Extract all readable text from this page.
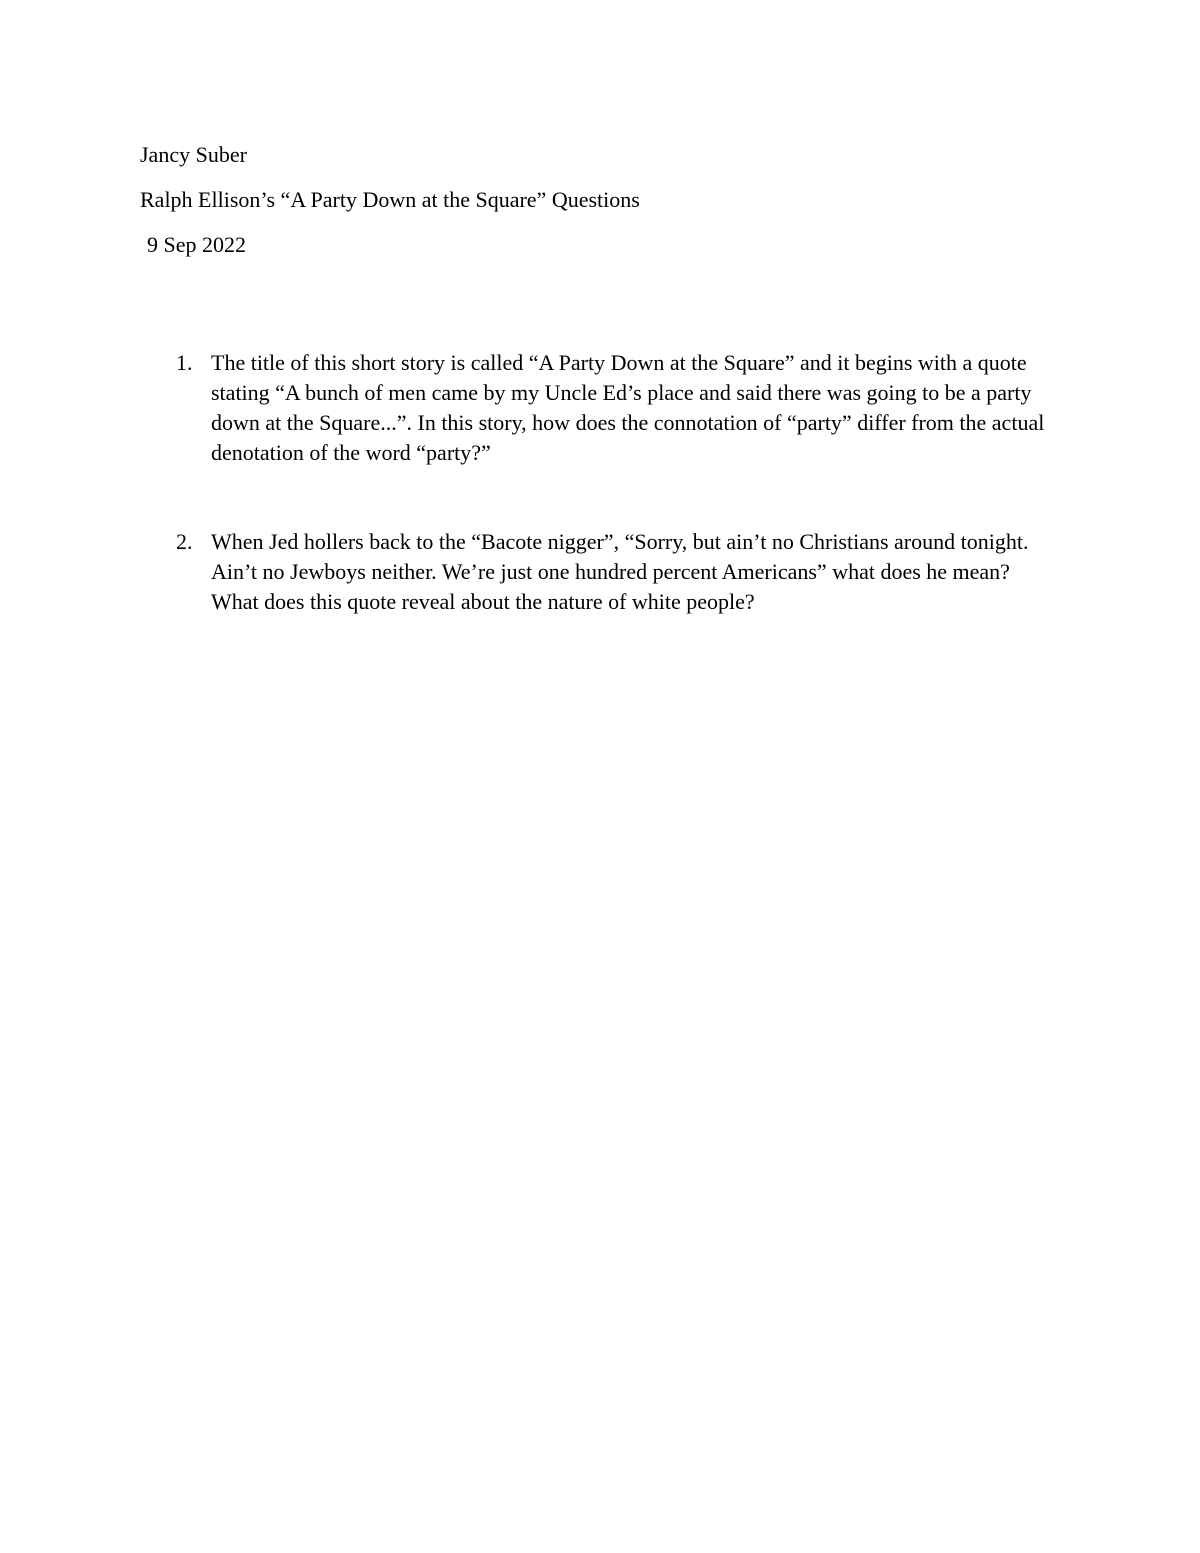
Jancy Suber
Ralph Ellison’s “A Party Down at the Square” Questions
9 Sep 2022
1. The title of this short story is called “A Party Down at the Square” and it begins with a quote stating “A bunch of men came by my Uncle Ed’s place and said there was going to be a party down at the Square...”. In this story, how does the connotation of “party” differ from the actual denotation of the word “party?”
2. When Jed hollers back to the “Bacote nigger”, “Sorry, but ain’t no Christians around tonight. Ain’t no Jewboys neither. We’re just one hundred percent Americans” what does he mean? What does this quote reveal about the nature of white people?
